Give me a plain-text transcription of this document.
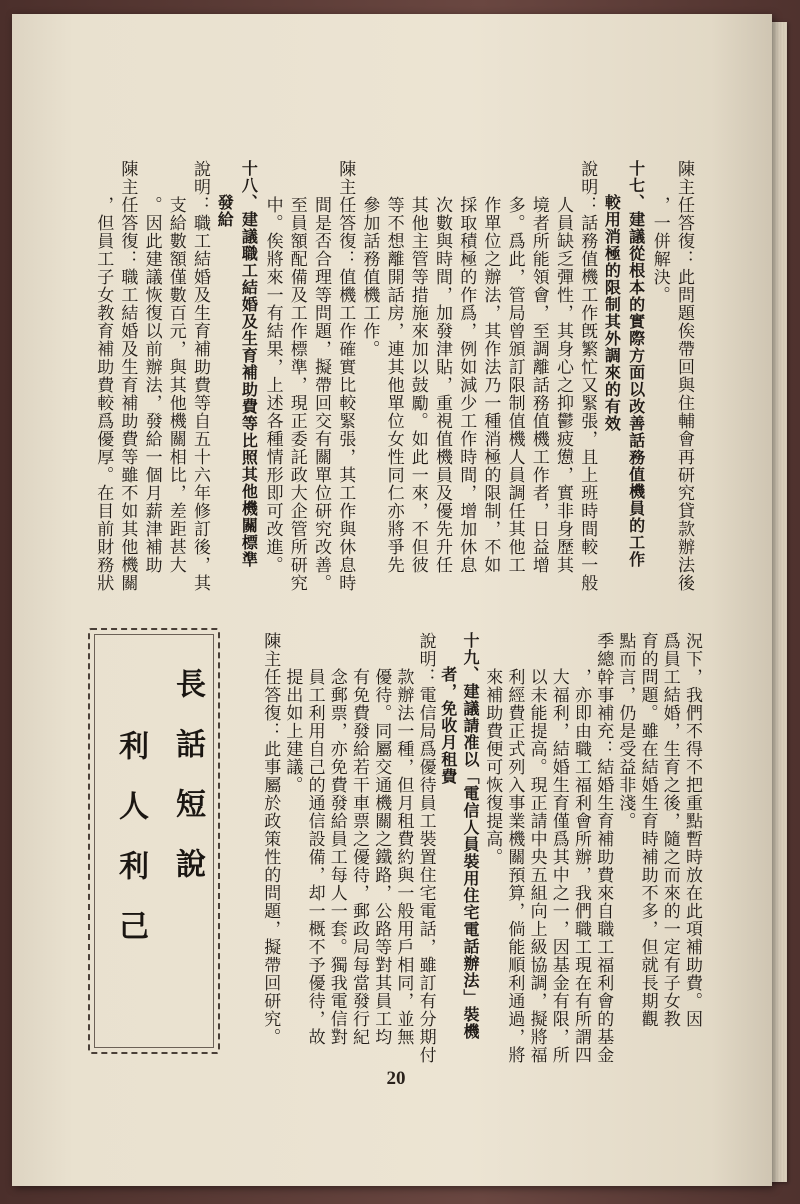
陳主任答復：此問題俟帶回與住輔會再研究貸款辦法後
　　，一併解決。
十七、建議從根本的實際方面以改善話務值機員的工作
　　較用消極的限制其外調來的有效
說明：話務值機工作旣繁忙又緊張，且上班時間較一般
　　人員缺乏彈性，其身心之抑鬱疲憊，實非身歷其
　　境者所能領會，至調離話務值機工作者，日益增
　　多。爲此，管局曾頒訂限制值機人員調任其他工
　　作單位之辦法，其作法乃一種消極的限制，不如
　　採取積極的作爲，例如減少工作時間，增加休息
　　次數與時間，加發津貼，重視值機員及優先升任
　　其他主管等措施來加以鼓勵。如此一來，不但彼
　　等不想離開話房，連其他單位女性同仁亦將爭先
　　參加話務值機工作。
陳主任答復：值機工作確實比較緊張，其工作與休息時
　　間是否合理等問題，擬帶回交有關單位研究改善。
　　至員額配備及工作標準，現正委託政大企管所研究
　　中。俟將來一有結果，上述各種情形即可改進。
十八、建議職工結婚及生育補助費等比照其他機關標準
　　發給
說明：職工結婚及生育補助費等自五十六年修訂後，其
　　支給數額僅數百元，與其他機關相比，差距甚大
　　。因此建議恢復以前辦法，發給一個月薪津補助
陳主任答復：職工結婚及生育補助費等雖不如其他機關
　　，但員工子女教育補助費較爲優厚。在目前財務狀
況下，我們不得不把重點暫時放在此項補助費。因
爲員工結婚，生育之後，隨之而來的一定有子女教
育的問題。雖在結婚生育時補助不多，但就長期觀
點而言，仍是受益非淺。
季總幹事補充：結婚生育補助費來自職工福利會的基金
　　，亦即由職工福利會所辦，我們職工現在有所謂四
　　大福利，結婚生育僅爲其中之一，因基金有限，所
　　以未能提高。現正請中央五組向上級協調，擬將福
　　利經費正式列入事業機關預算，倘能順利通過，將
　　來補助費便可恢復提高。
十九、建議請准以「電信人員裝用住宅電話辦法」裝機
　　者，免收月租費
說明：電信局爲優待員工裝置住宅電話，雖訂有分期付
　　款辦法一種，但月租費約與一般用戶相同，並無
　　優待。同屬交通機關之鐵路，公路等對其員工均
　　有免費發給若干車票之優待，郵政局每當發行紀
　　念郵票，亦免費發給員工每人一套。獨我電信對
　　員工利用自己的通信設備，却一概不予優待，故
　　提出如上建議。
陳主任答復：此事屬於政策性的問題，擬帶回研究。
長話短說
利人利己
20
